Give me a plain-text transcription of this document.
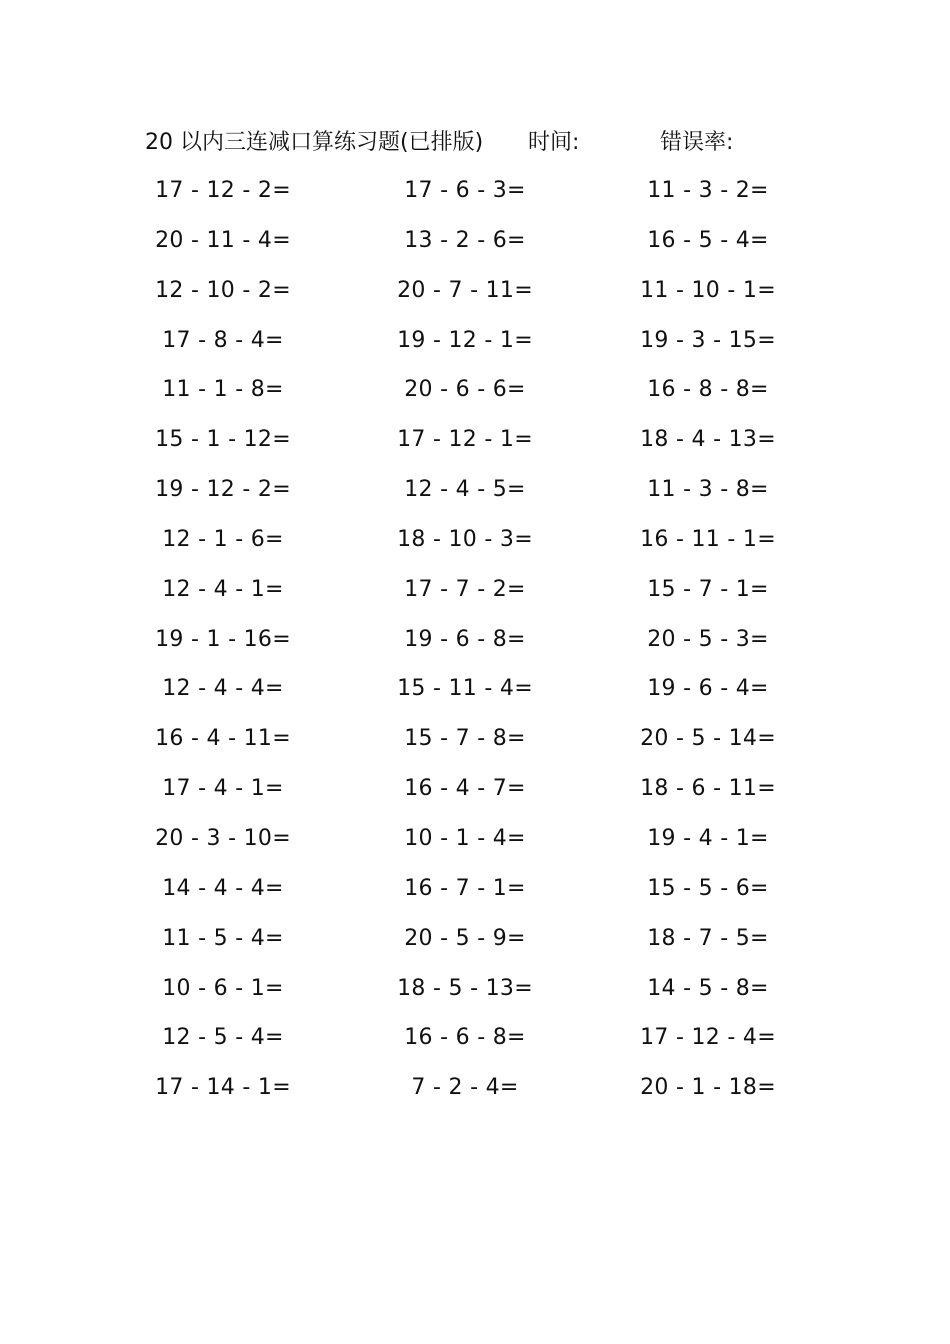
20 以内三连减口算练习题(已排版) 时间:	错误率:
17 - 12 - 2=	17 - 6 - 3=	11 - 3 - 2=
20 - 11 - 4=	13 - 2 - 6=	16 - 5 - 4=
12 - 10 - 2=	20 - 7 - 11=	11 - 10 - 1=
17 - 8 - 4=	19 - 12 - 1=	19 - 3 - 15=
11 - 1 - 8=	20 - 6 - 6=	16 - 8 - 8=
15 - 1 - 12=	17 - 12 - 1=	18 - 4 - 13=
19 - 12 - 2=	12 - 4 - 5=	11 - 3 - 8=
12 - 1 - 6=	18 - 10 - 3=	16 - 11 - 1=
12 - 4 - 1=	17 - 7 - 2=	15 - 7 - 1=
19 - 1 - 16=	19 - 6 - 8=	20 - 5 - 3=
12 - 4 - 4=	15 - 11 - 4=	19 - 6 - 4=
16 - 4 - 11=	15 - 7 - 8=	20 - 5 - 14=
17 - 4 - 1=	16 - 4 - 7=	18 - 6 - 11=
20 - 3 - 10=	10 - 1 - 4=	19 - 4 - 1=
14 - 4 - 4=	16 - 7 - 1=	15 - 5 - 6=
11 - 5 - 4=	20 - 5 - 9=	18 - 7 - 5=
10 - 6 - 1=	18 - 5 - 13=	14 - 5 - 8=
12 - 5 - 4=	16 - 6 - 8=	17 - 12 - 4=
17 - 14 - 1=	7 - 2 - 4=	20 - 1 - 18=
